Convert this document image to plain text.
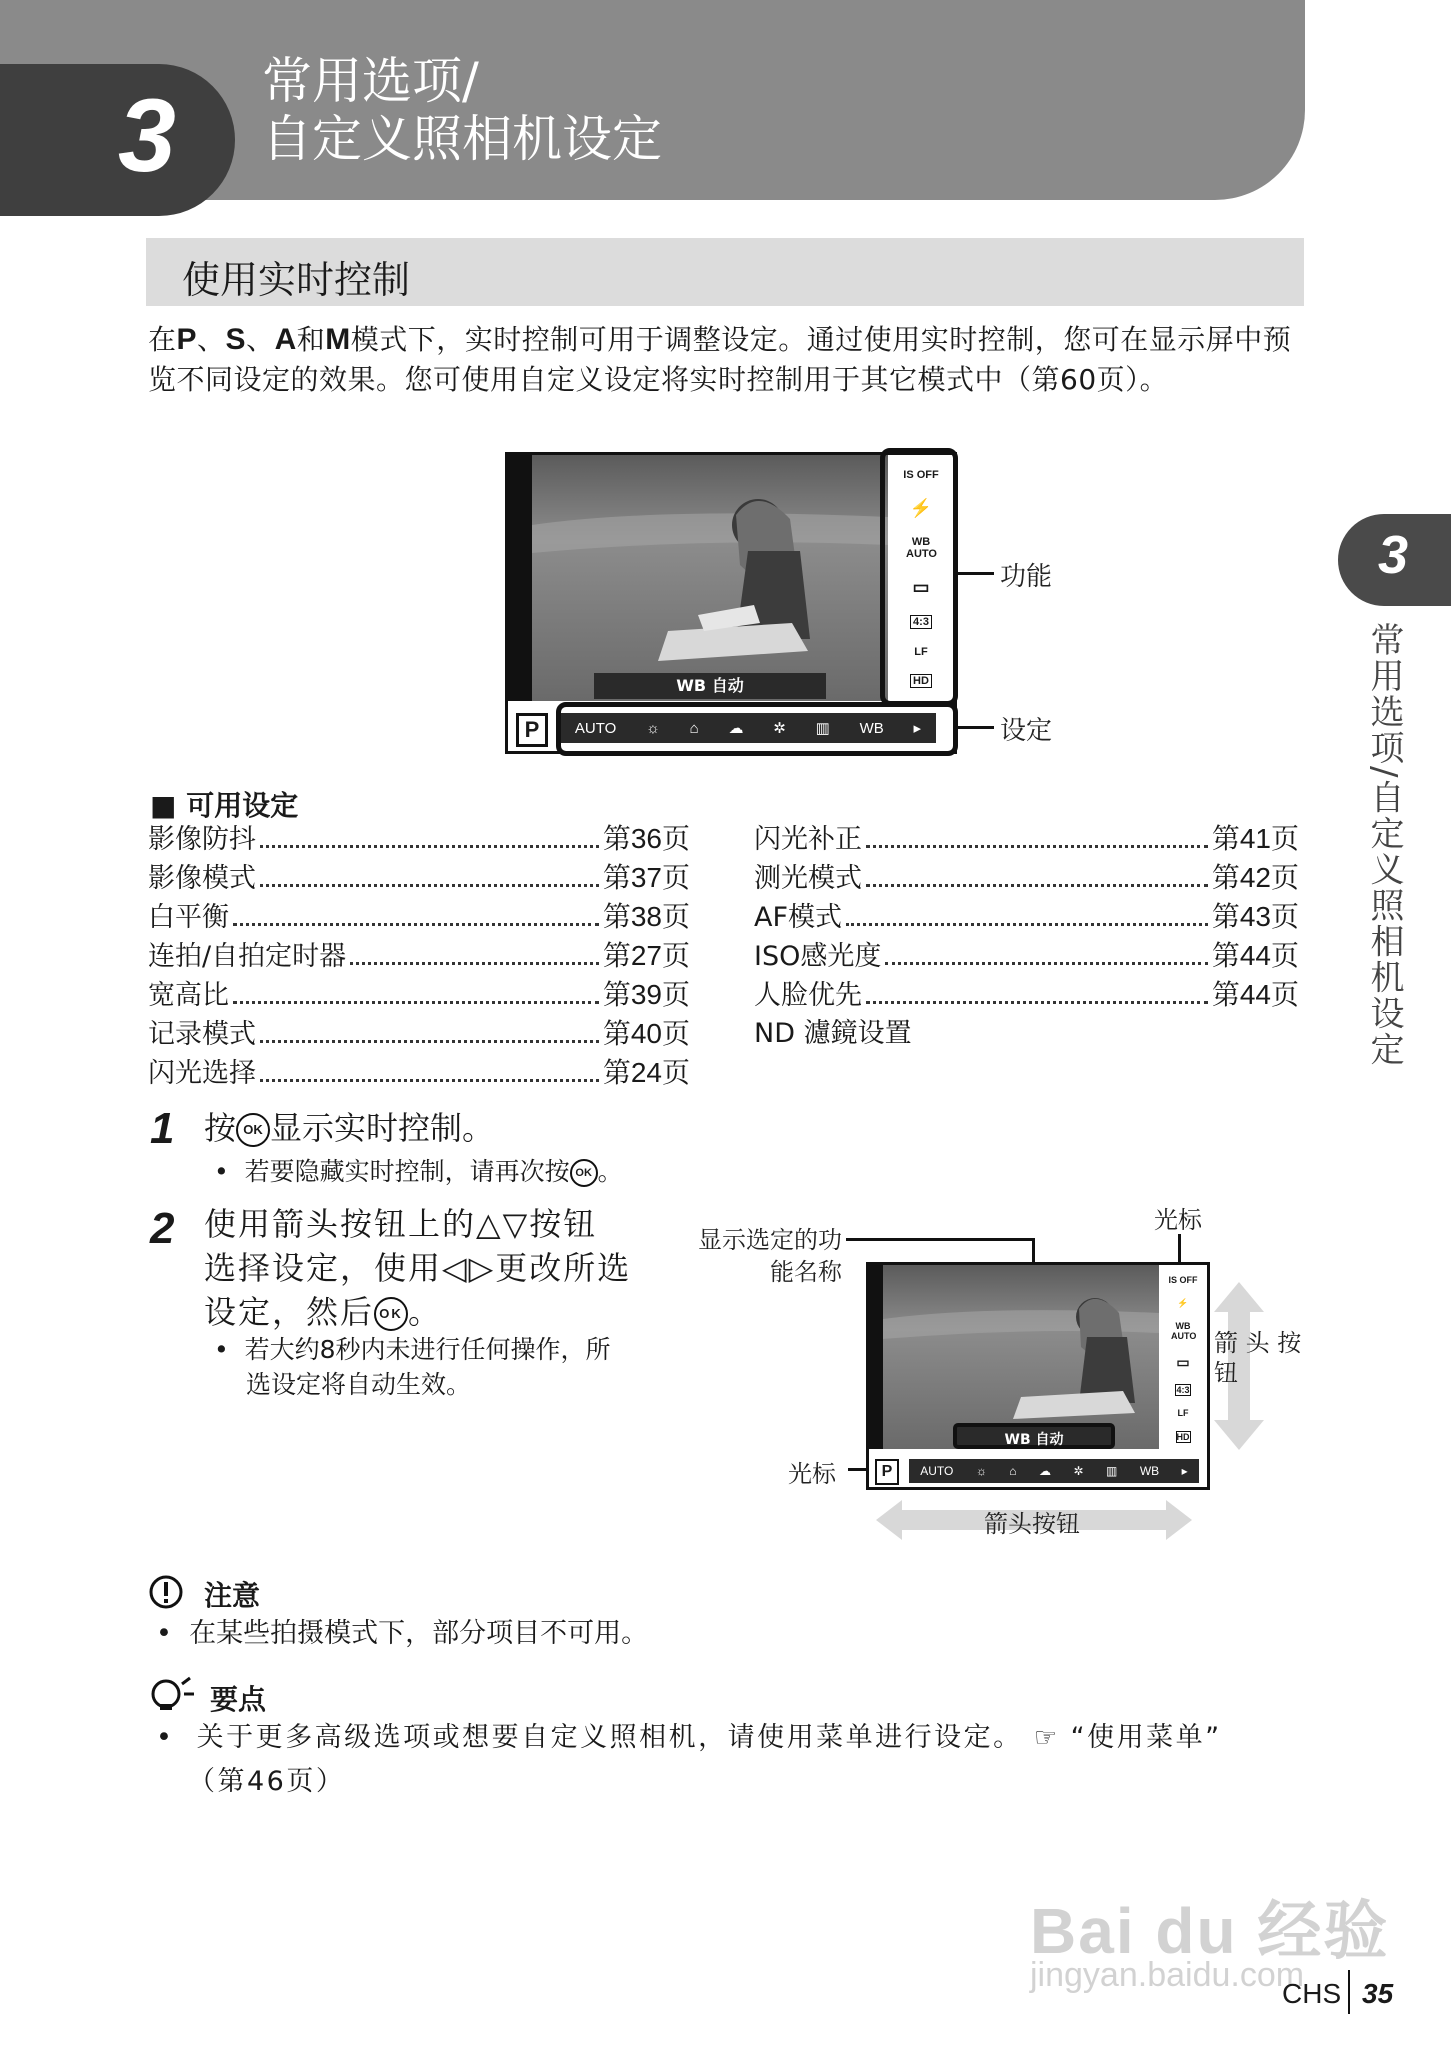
3 常用选项/
自定义照相机设定
使用实时控制
在P、S、A和M模式下，实时控制可用于调整设定。通过使用实时控制，您可在显示屏中预览不同设定的效果。您可使用自定义设定将实时控制用于其它模式中（第60页）。
WB 自动
IS OFF
⚡
WB AUTO
▭
4:3
LF
HD
P	AUTO ☼ ⌂ ☁ ✲ ▥ WB ▸
功能
设定
■ 可用设定
影像防抖	第36页
影像模式	第37页
白平衡	第38页
连拍/自拍定时器	第27页
宽高比	第39页
记录模式	第40页
闪光选择	第24页
闪光补正	第41页
测光模式	第42页
AF模式	第43页
ISO感光度	第44页
人脸优先	第44页
ND 濾鏡设置
1 按 OK 显示实时控制。
•  若要隐藏实时控制，请再次按 OK 。
2 使用箭头按钮上的△▽按钮
选择设定，使用◁▷更改所选
设定，然后 OK 。
•  若大约8秒内未进行任何操作，所
选设定将自动生效。
显示选定的功
能名称
光标
WB 自动
IS OFF
⚡
WB AUTO
▭
4:3
LF
HD
P	AUTO ☼ ⌂ ☁ ✲ ▥ WB ▸
光标
箭 头 按
钮
箭头按钮
注意
•  在某些拍摄模式下，部分项目不可用。
要点
•  关于更多高级选项或想要自定义照相机，请使用菜单进行设定。 ☞ “使用菜单”
（第46页）
3
常用选项/自定义照相机设定
Bai du 经验
jingyan.baidu.com
CHS 35
